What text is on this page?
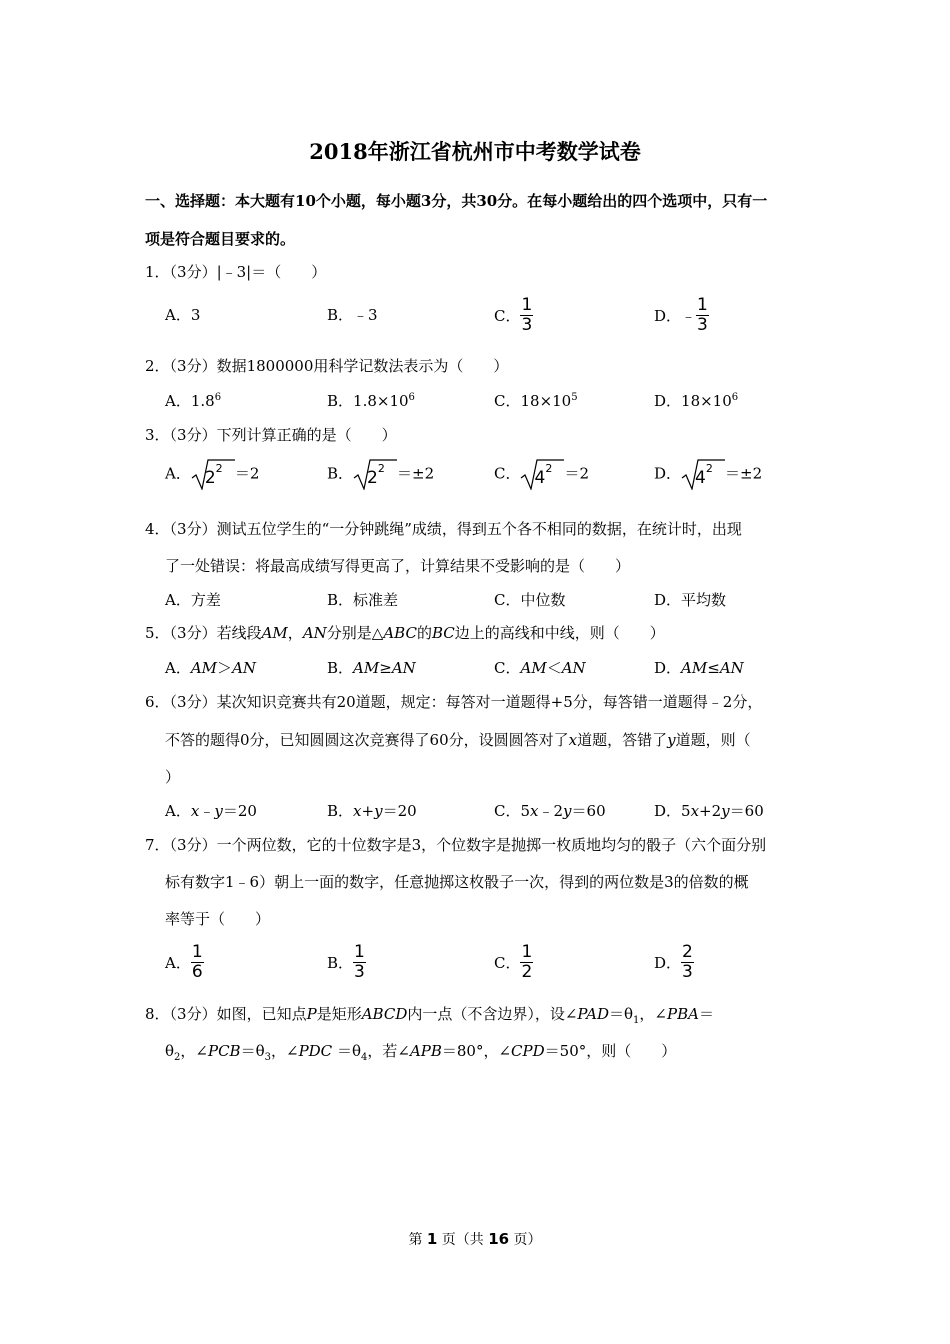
2018年浙江省杭州市中考数学试卷
一、选择题：本大题有10个小题，每小题3分，共30分。在每小题给出的四个选项中，只有一
项是符合题目要求的。
1．（3分）|﹣3|＝（　　）
A．3	B．﹣3	C． $\frac{1}{3}$	D．﹣ $\frac{1}{3}$
2．（3分）数据1800000用科学记数法表示为（　　）
A．$1.8^6$	B．$1.8\times 10^6$	C．$18\times 10^5$	D．$18\times 10^6$
3．（3分）下列计算正确的是（　　）
A． $2^2 =2$	B． $2^2 =\pm 2$	C． $4^2 =2$	D． $4^2 =\pm 2$
4．（3分）测试五位学生的“一分钟跳绳”成绩，得到五个各不相同的数据，在统计时，出现
了一处错误：将最高成绩写得更高了，计算结果不受影响的是（　　）
A．方差	B．标准差	C．中位数	D．平均数
5．（3分）若线段AM，AN分别是△ABC的BC边上的高线和中线，则（　　）
A．AM＞AN	B．AM≥AN	C．AM＜AN	D．AM≤AN
6．（3分）某次知识竞赛共有20道题，规定：每答对一道题得+5分，每答错一道题得﹣2分，
不答的题得0分，已知圆圆这次竞赛得了60分，设圆圆答对了x道题，答错了y道题，则（
）
A．x﹣y＝20	B．x+y＝20	C．5x﹣2y＝60	D．5x+2y＝60
7．（3分）一个两位数，它的十位数字是3，个位数字是抛掷一枚质地均匀的骰子（六个面分别
标有数字1﹣6）朝上一面的数字，任意抛掷这枚骰子一次，得到的两位数是3的倍数的概
率等于（　　）
A． $\frac{1}{6}$	B． $\frac{1}{3}$	C． $\frac{1}{2}$	D． $\frac{2}{3}$
8．（3分）如图，已知点P是矩形ABCD内一点（不含边界），设$\angle PAD=\theta_1$，∠PBA＝
$\theta_2$，$\angle PCB=\theta_3$，∠PDC $=\theta_4$，若∠APB＝80°，∠CPD＝50°，则（　　）
第 1 页（共 16 页）
